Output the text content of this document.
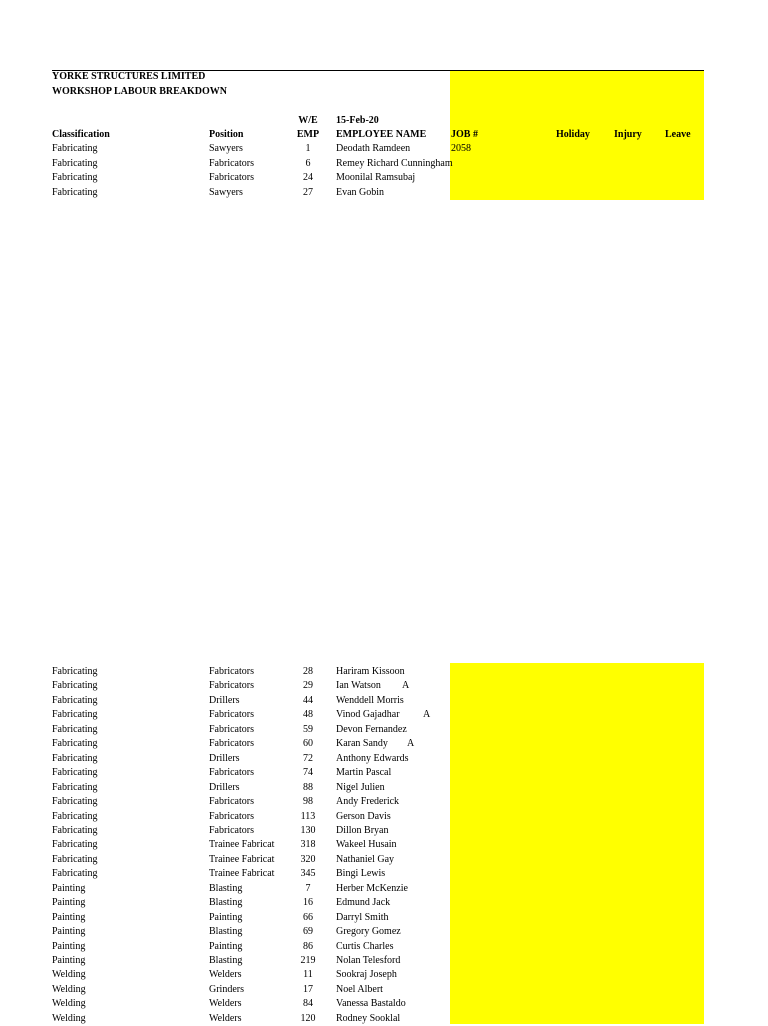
YORKE STRUCTURES LIMITED
WORKSHOP LABOUR BREAKDOWN
W/E	15-Feb-20
Classification	Position	EMP	EMPLOYEE NAME JOB #	Holiday Injury Leave
Fabricating	Sawyers	1	Deodath Ramdeen	2058
Fabricating	Fabricators	6	Remey Richard Cunningham
Fabricating	Fabricators	24	Moonilal Ramsubaj
Fabricating	Sawyers	27	Evan Gobin
Fabricating	Fabricators	28	Hariram Kissoon
Fabricating	Fabricators	29	Ian Watson A
Fabricating	Drillers	44	Wenddell Morris
Fabricating	Fabricators	48	Vinod Gajadhar A
Fabricating	Fabricators	59	Devon Fernandez
Fabricating	Fabricators	60	Karan Sandy A
Fabricating	Drillers	72	Anthony Edwards
Fabricating	Fabricators	74	Martin Pascal
Fabricating	Drillers	88	Nigel Julien
Fabricating	Fabricators	98	Andy Frederick
Fabricating	Fabricators	113	Gerson Davis
Fabricating	Fabricators	130	Dillon Bryan
Fabricating	Trainee Fabricat	318	Wakeel Husain
Fabricating	Trainee Fabricat	320	Nathaniel Gay
Fabricating	Trainee Fabricat	345	Bingi Lewis
Painting	Blasting	7	Herber McKenzie
Painting	Blasting	16	Edmund Jack
Painting	Painting	66	Darryl Smith
Painting	Blasting	69	Gregory Gomez
Painting	Painting	86	Curtis Charles
Painting	Blasting	219	Nolan Telesford
Welding	Welders	11	Sookraj Joseph
Welding	Grinders	17	Noel Albert
Welding	Welders	84	Vanessa Bastaldo
Welding	Welders	120	Rodney Sooklal
